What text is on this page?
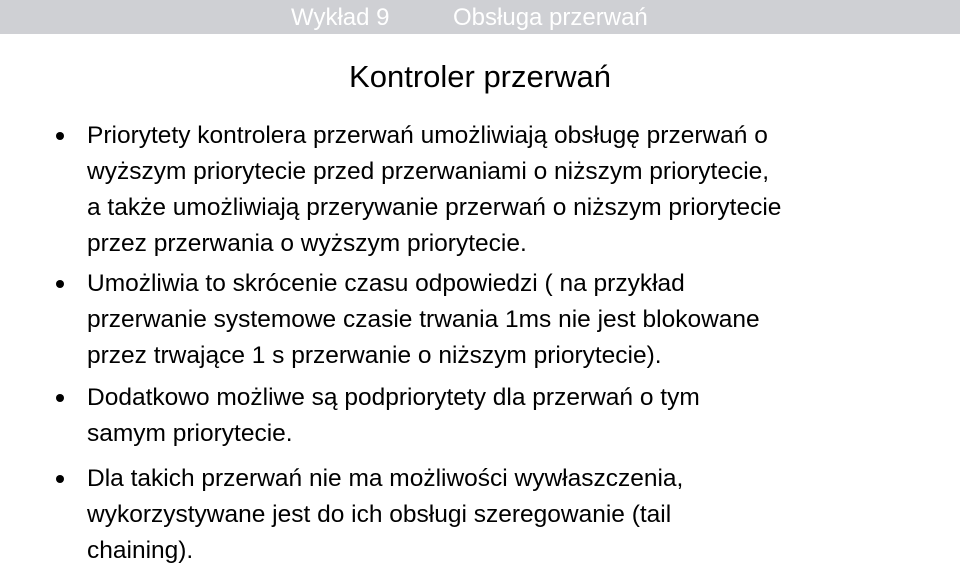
Wykład 9	Obsługa przerwań
Kontroler przerwań
Priorytety kontrolera przerwań umożliwiają obsługę przerwań o
wyższym priorytecie przed przerwaniami o niższym priorytecie,
a także umożliwiają przerywanie przerwań o niższym priorytecie
przez przerwania o wyższym priorytecie.
Umożliwia to skrócenie czasu odpowiedzi ( na przykład
przerwanie systemowe czasie trwania 1ms nie jest blokowane
przez trwające 1 s przerwanie o niższym priorytecie).
Dodatkowo możliwe są podpriorytety dla przerwań o tym
samym priorytecie.
Dla takich przerwań nie ma możliwości wywłaszczenia,
wykorzystywane jest do ich obsługi szeregowanie (tail
chaining).
